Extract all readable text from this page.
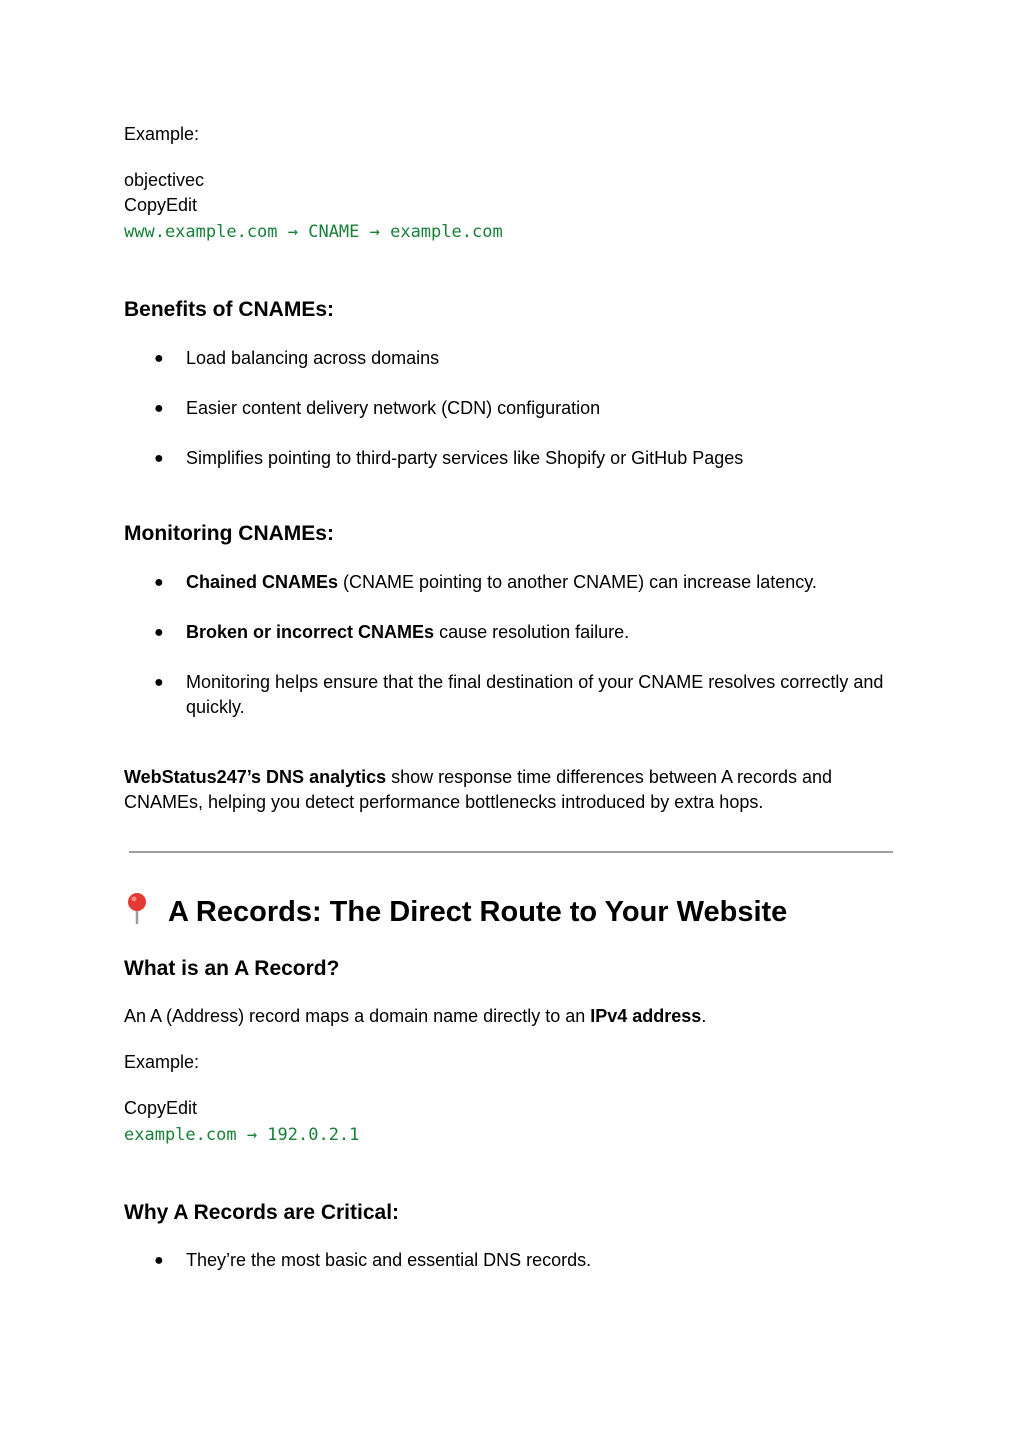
Example:

objectivec

CopyEdit

www.example.com → CNAME → example.com

Benefits of CNAMEs:
● Load balancing across domains

● Easier content delivery network (CDN) configuration

● Simplifies pointing to third-party services like Shopify or GitHub Pages

Monitoring CNAMEs:
● Chained CNAMEs (CNAME pointing to another CNAME) can increase latency.

● Broken or incorrect CNAMEs cause resolution failure.

● Monitoring helps ensure that the final destination of your CNAME resolves correctly and quickly.

WebStatus247’s DNS analytics show response time differences between A records and CNAMEs, helping you detect performance bottlenecks introduced by extra hops.

A Records: The Direct Route to Your Website
What is an A Record?

An A (Address) record maps a domain name directly to an IPv4 address.

Example:

CopyEdit

example.com → 192.0.2.1

Why A Records are Critical:
● They’re the most basic and essential DNS records.
